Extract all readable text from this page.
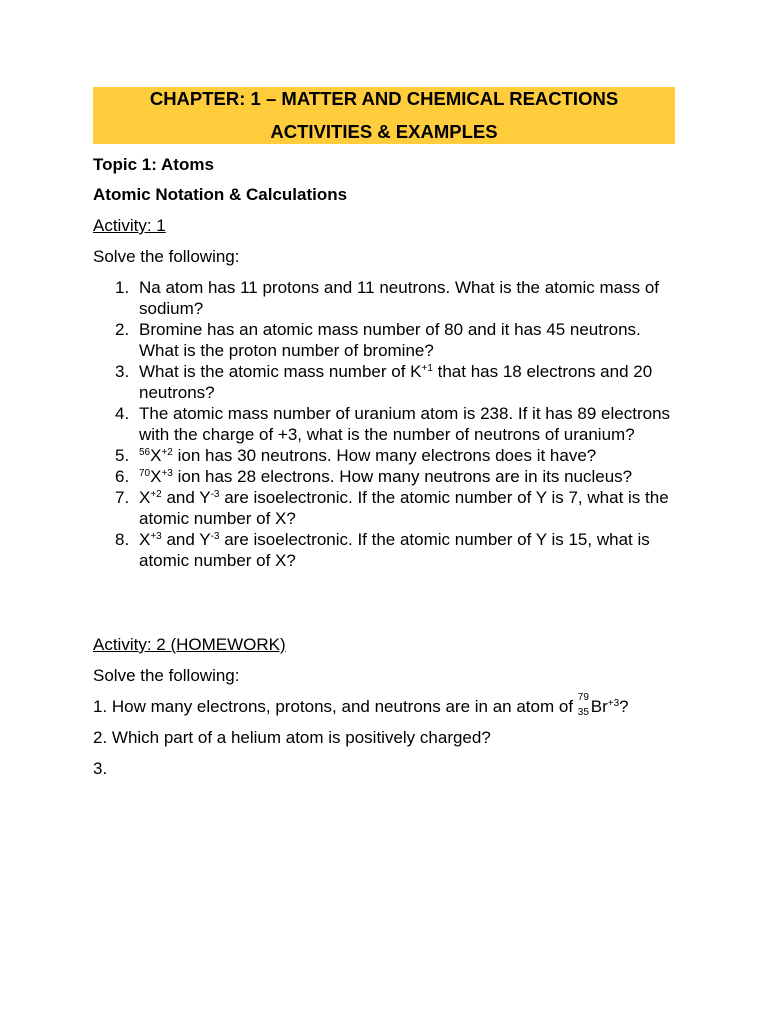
CHAPTER: 1 – MATTER AND CHEMICAL REACTIONS
ACTIVITIES & EXAMPLES
Topic 1: Atoms
Atomic Notation & Calculations
Activity: 1
Solve the following:
1. Na atom has 11 protons and 11 neutrons. What is the atomic mass of sodium?
2. Bromine has an atomic mass number of 80 and it has 45 neutrons. What is the proton number of bromine?
3. What is the atomic mass number of $K^{+1}$ that has 18 electrons and 20 neutrons?
4. The atomic mass number of uranium atom is 238. If it has 89 electrons with the charge of +3, what is the number of neutrons of uranium?
5. $^{56}X^{+2}$ ion has 30 neutrons. How many electrons does it have?
6. $^{70}X^{+3}$ ion has 28 electrons. How many neutrons are in its nucleus?
7. $X^{+2}$ and $Y^{-3}$ are isoelectronic. If the atomic number of Y is 7, what is the atomic number of X?
8. $X^{+3}$ and $Y^{-3}$ are isoelectronic. If the atomic number of Y is 15, what is atomic number of X?
Activity: 2 (HOMEWORK)
Solve the following:
1. How many electrons, protons, and neutrons are in an atom of 79
35 $Br^{+3}$?
2. Which part of a helium atom is positively charged?
3.
